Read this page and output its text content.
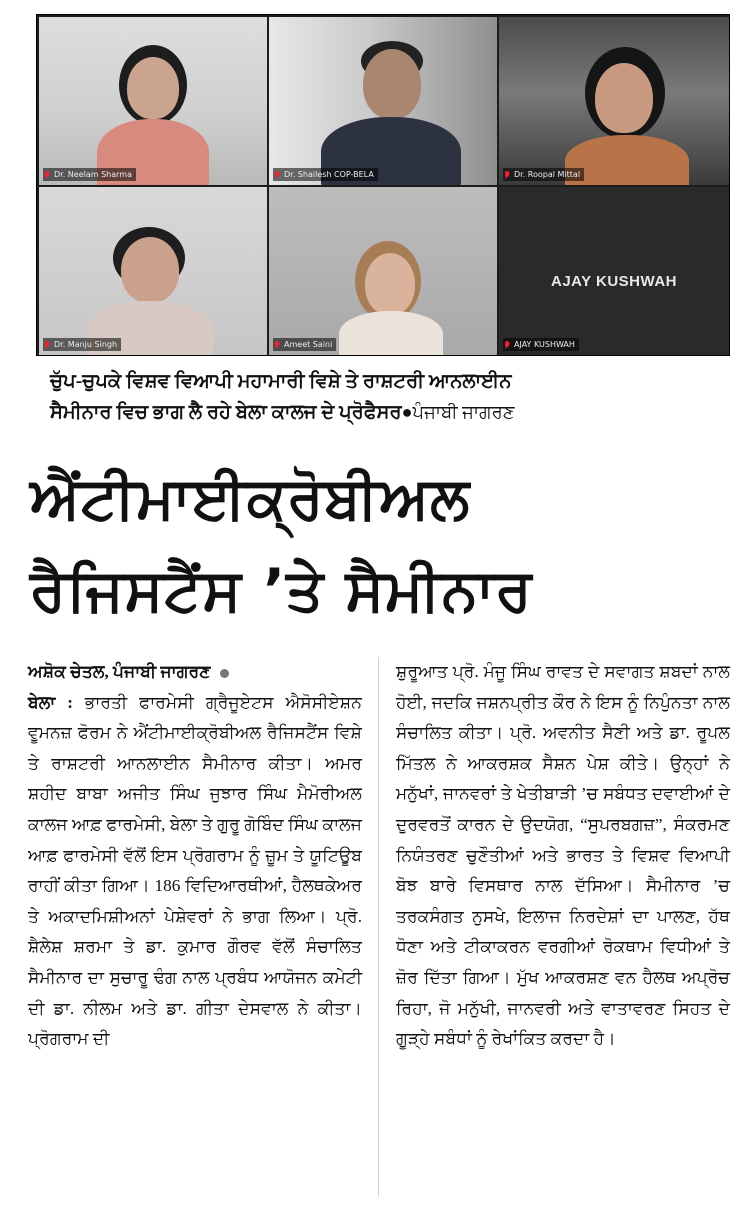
Dr. Neelam Sharma	Dr. Shailesh COP-BELA	Dr. Roopal Mittal
Dr. Manju Singh	Ameet Saini
AJAY KUSHWAH
AJAY KUSHWAH
ਚੁੱਪ-ਚੁਪਕੇ ਵਿਸ਼ਵ ਵਿਆਪੀ ਮਹਾਮਾਰੀ ਵਿਸ਼ੇ ਤੇ ਰਾਸ਼ਟਰੀ ਆਨਲਾਈਨ
ਸੈਮੀਨਾਰ ਵਿਚ ਭਾਗ ਲੈ ਰਹੇ ਬੇਲਾ ਕਾਲਜ ਦੇ ਪ੍ਰੋਫੈਸਰ●ਪੰਜਾਬੀ ਜਾਗਰਣ
ਐਂਟੀਮਾਈਕ੍ਰੋਬੀਅਲ
ਰੈਜਿਸਟੈਂਸ ’ਤੇ ਸੈਮੀਨਾਰ
ਅਸ਼ੋਕ ਚੇਤਲ, ਪੰਜਾਬੀ ਜਾਗਰਣ

ਬੇਲਾ : ਭਾਰਤੀ ਫਾਰਮੇਸੀ ਗ੍ਰੈਜੂਏਟਸ ਐਸੋਸੀਏਸ਼ਨ ਵੂਮਨਜ਼ ਫੋਰਮ ਨੇ ਐਂਟੀਮਾਈਕ੍ਰੋਬੀਅਲ ਰੈਜਿਸਟੈਂਸ ਵਿਸ਼ੇ ਤੇ ਰਾਸ਼ਟਰੀ ਆਨਲਾਈਨ ਸੈਮੀਨਾਰ ਕੀਤਾ। ਅਮਰ ਸ਼ਹੀਦ ਬਾਬਾ ਅਜੀਤ ਸਿੰਘ ਜੁਝਾਰ ਸਿੰਘ ਮੈਮੋਰੀਅਲ ਕਾਲਜ ਆਫ਼ ਫਾਰਮੇਸੀ, ਬੇਲਾ ਤੇ ਗੁਰੂ ਗੋਬਿੰਦ ਸਿੰਘ ਕਾਲਜ ਆਫ਼ ਫਾਰਮੇਸੀ ਵੱਲੋਂ ਇਸ ਪ੍ਰੋਗਰਾਮ ਨੂੰ ਜ਼ੂਮ ਤੇ ਯੂਟਿਊਬ ਰਾਹੀਂ ਕੀਤਾ ਗਿਆ। 186 ਵਿਦਿਆਰਥੀਆਂ, ਹੈਲਥਕੇਅਰ ਤੇ ਅਕਾਦਮਿਸ਼ੀਅਨਾਂ ਪੇਸ਼ੇਵਰਾਂ ਨੇ ਭਾਗ ਲਿਆ। ਪ੍ਰੋ. ਸ਼ੈਲੇਸ਼ ਸ਼ਰਮਾ ਤੇ ਡਾ. ਕੁਮਾਰ ਗੌਰਵ ਵੱਲੋਂ ਸੰਚਾਲਿਤ ਸੈਮੀਨਾਰ ਦਾ ਸੁਚਾਰੂ ਢੰਗ ਨਾਲ ਪ੍ਰਬੰਧ ਆਯੋਜਨ ਕਮੇਟੀ ਦੀ ਡਾ. ਨੀਲਮ ਅਤੇ ਡਾ. ਗੀਤਾ ਦੇਸਵਾਲ ਨੇ ਕੀਤਾ। ਪ੍ਰੋਗਰਾਮ ਦੀ

ਸ਼ੁਰੂਆਤ ਪ੍ਰੋ. ਮੰਜੂ ਸਿੰਘ ਰਾਵਤ ਦੇ ਸਵਾਗਤ ਸ਼ਬਦਾਂ ਨਾਲ ਹੋਈ, ਜਦਕਿ ਜਸ਼ਨਪ੍ਰੀਤ ਕੌਰ ਨੇ ਇਸ ਨੂੰ ਨਿਪੁੰਨਤਾ ਨਾਲ ਸੰਚਾਲਿਤ ਕੀਤਾ। ਪ੍ਰੋ. ਅਵਨੀਤ ਸੈਣੀ ਅਤੇ ਡਾ. ਰੂਪਲ ਮਿੱਤਲ ਨੇ ਆਕਰਸ਼ਕ ਸੈਸ਼ਨ ਪੇਸ਼ ਕੀਤੇ। ਉਨ੍ਹਾਂ ਨੇ ਮਨੁੱਖਾਂ, ਜਾਨਵਰਾਂ ਤੇ ਖੇਤੀਬਾੜੀ ’ਚ ਸਬੰਧਤ ਦਵਾਈਆਂ ਦੇ ਦੁਰਵਰਤੋਂ ਕਾਰਨ ਦੇ ਉਦਯੋਗ, “ਸੁਪਰਬਗਜ਼”, ਸੰਕਰਮਣ ਨਿਯੰਤਰਣ ਚੁਣੌਤੀਆਂ ਅਤੇ ਭਾਰਤ ਤੇ ਵਿਸ਼ਵ ਵਿਆਪੀ ਬੋਝ ਬਾਰੇ ਵਿਸਥਾਰ ਨਾਲ ਦੱਸਿਆ। ਸੈਮੀਨਾਰ ’ਚ ਤਰਕਸੰਗਤ ਨੁਸਖੇ, ਇਲਾਜ ਨਿਰਦੇਸ਼ਾਂ ਦਾ ਪਾਲਣ, ਹੱਥ ਧੋਣਾ ਅਤੇ ਟੀਕਾਕਰਨ ਵਰਗੀਆਂ ਰੋਕਥਾਮ ਵਿਧੀਆਂ ਤੇ ਜ਼ੋਰ ਦਿੱਤਾ ਗਿਆ। ਮੁੱਖ ਆਕਰਸ਼ਣ ਵਨ ਹੈਲਥ ਅਪ੍ਰੋਚ ਰਿਹਾ, ਜੋ ਮਨੁੱਖੀ, ਜਾਨਵਰੀ ਅਤੇ ਵਾਤਾਵਰਣ ਸਿਹਤ ਦੇ ਗੂੜ੍ਹੇ ਸਬੰਧਾਂ ਨੂੰ ਰੇਖਾਂਕਿਤ ਕਰਦਾ ਹੈ।
